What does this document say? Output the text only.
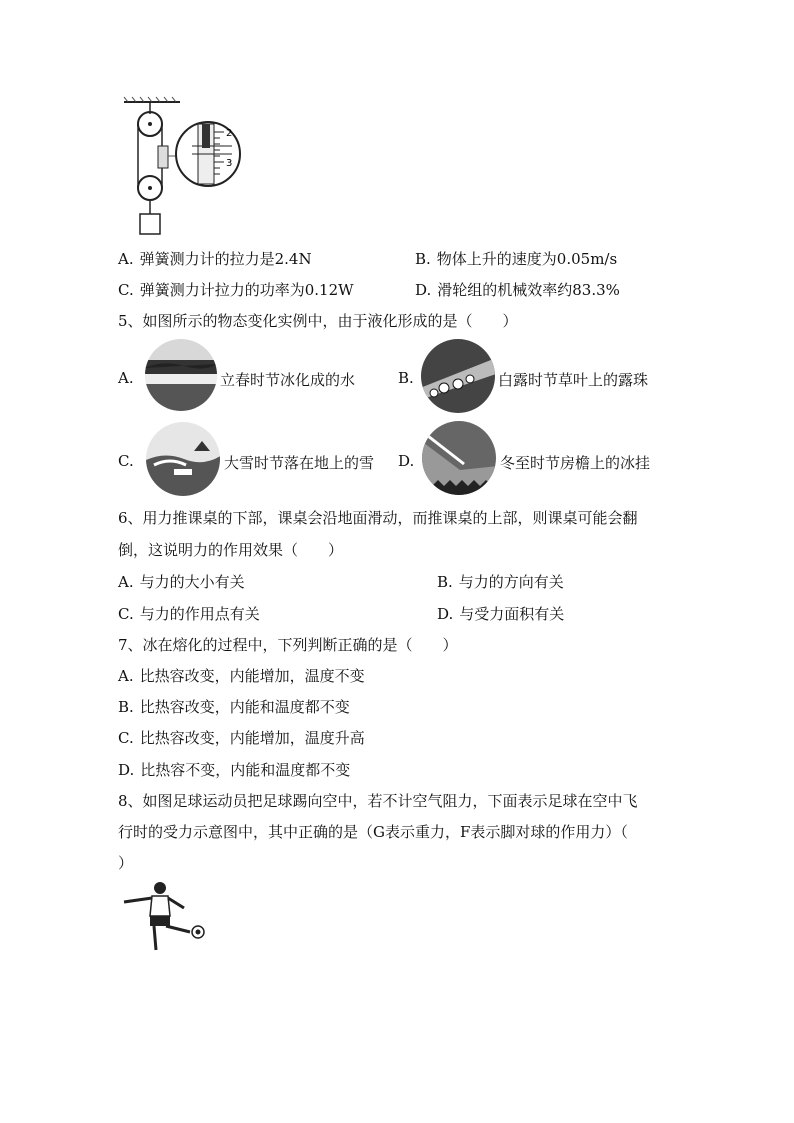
2
3
A. 弹簧测力计的拉力是2.4N	B. 物体上升的速度为0.05m/s
C. 弹簧测力计拉力的功率为0.12W	D. 滑轮组的机械效率约83.3%
5、如图所示的物态变化实例中，由于液化形成的是（　　）
A.	立春时节冰化成的水	B.	白露时节草叶上的露珠
C.	大雪时节落在地上的雪 D.	冬至时节房檐上的冰挂
6、用力推课桌的下部，课桌会沿地面滑动，而推课桌的上部，则课桌可能会翻
倒，这说明力的作用效果（　　）
A. 与力的大小有关	B. 与力的方向有关
C. 与力的作用点有关	D. 与受力面积有关
7、冰在熔化的过程中，下列判断正确的是（　　）
A. 比热容改变，内能增加，温度不变
B. 比热容改变，内能和温度都不变
C. 比热容改变，内能增加，温度升高
D. 比热容不变，内能和温度都不变
8、如图足球运动员把足球踢向空中，若不计空气阻力，下面表示足球在空中飞
行时的受力示意图中，其中正确的是（G表示重力，F表示脚对球的作用力）（
）
